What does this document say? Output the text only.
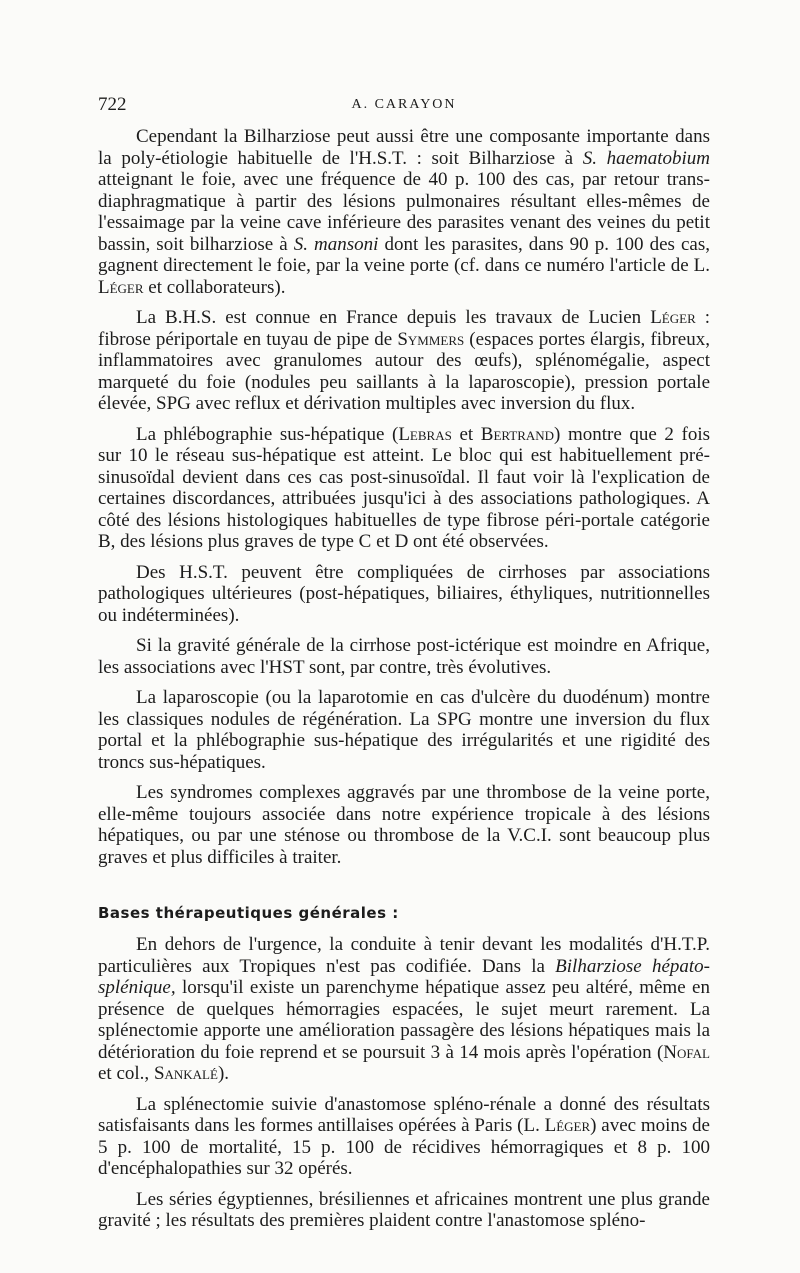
722	A. CARAYON

Cependant la Bilharziose peut aussi être une composante importante dans la poly-étiologie habituelle de l'H.S.T. : soit Bilharziose à S. haematobium atteignant le foie, avec une fréquence de 40 p. 100 des cas, par retour trans-diaphragmatique à partir des lésions pulmonaires résultant elles-mêmes de l'essaimage par la veine cave inférieure des parasites venant des veines du petit bassin, soit bilharziose à S. mansoni dont les parasites, dans 90 p. 100 des cas, gagnent directement le foie, par la veine porte (cf. dans ce numéro l'article de L. Léger et collaborateurs).

La B.H.S. est connue en France depuis les travaux de Lucien Léger : fibrose périportale en tuyau de pipe de Symmers (espaces portes élargis, fibreux, inflammatoires avec granulomes autour des œufs), splénomégalie, aspect marqueté du foie (nodules peu saillants à la laparoscopie), pression portale élevée, SPG avec reflux et dérivation multiples avec inversion du flux.

La phlébographie sus-hépatique (Lebras et Bertrand) montre que 2 fois sur 10 le réseau sus-hépatique est atteint. Le bloc qui est habituellement pré-sinusoïdal devient dans ces cas post-sinusoïdal. Il faut voir là l'explication de certaines discordances, attribuées jusqu'ici à des associations pathologiques. A côté des lésions histologiques habituelles de type fibrose péri-portale catégorie B, des lésions plus graves de type C et D ont été observées.

Des H.S.T. peuvent être compliquées de cirrhoses par associations pathologiques ultérieures (post-hépatiques, biliaires, éthyliques, nutritionnelles ou indéterminées).

Si la gravité générale de la cirrhose post-ictérique est moindre en Afrique, les associations avec l'HST sont, par contre, très évolutives.

La laparoscopie (ou la laparotomie en cas d'ulcère du duodénum) montre les classiques nodules de régénération. La SPG montre une inversion du flux portal et la phlébographie sus-hépatique des irrégularités et une rigidité des troncs sus-hépatiques.

Les syndromes complexes aggravés par une thrombose de la veine porte, elle-même toujours associée dans notre expérience tropicale à des lésions hépatiques, ou par une sténose ou thrombose de la V.C.I. sont beaucoup plus graves et plus difficiles à traiter.

Bases thérapeutiques générales :

En dehors de l'urgence, la conduite à tenir devant les modalités d'H.T.P. particulières aux Tropiques n'est pas codifiée. Dans la Bilharziose hépato-splénique, lorsqu'il existe un parenchyme hépatique assez peu altéré, même en présence de quelques hémorragies espacées, le sujet meurt rarement. La splénectomie apporte une amélioration passagère des lésions hépatiques mais la détérioration du foie reprend et se poursuit 3 à 14 mois après l'opération (Nofal et col., Sankalé).

La splénectomie suivie d'anastomose spléno-rénale a donné des résultats satisfaisants dans les formes antillaises opérées à Paris (L. Léger) avec moins de 5 p. 100 de mortalité, 15 p. 100 de récidives hémorragiques et 8 p. 100 d'encéphalopathies sur 32 opérés.

Les séries égyptiennes, brésiliennes et africaines montrent une plus grande gravité ; les résultats des premières plaident contre l'anastomose spléno-
